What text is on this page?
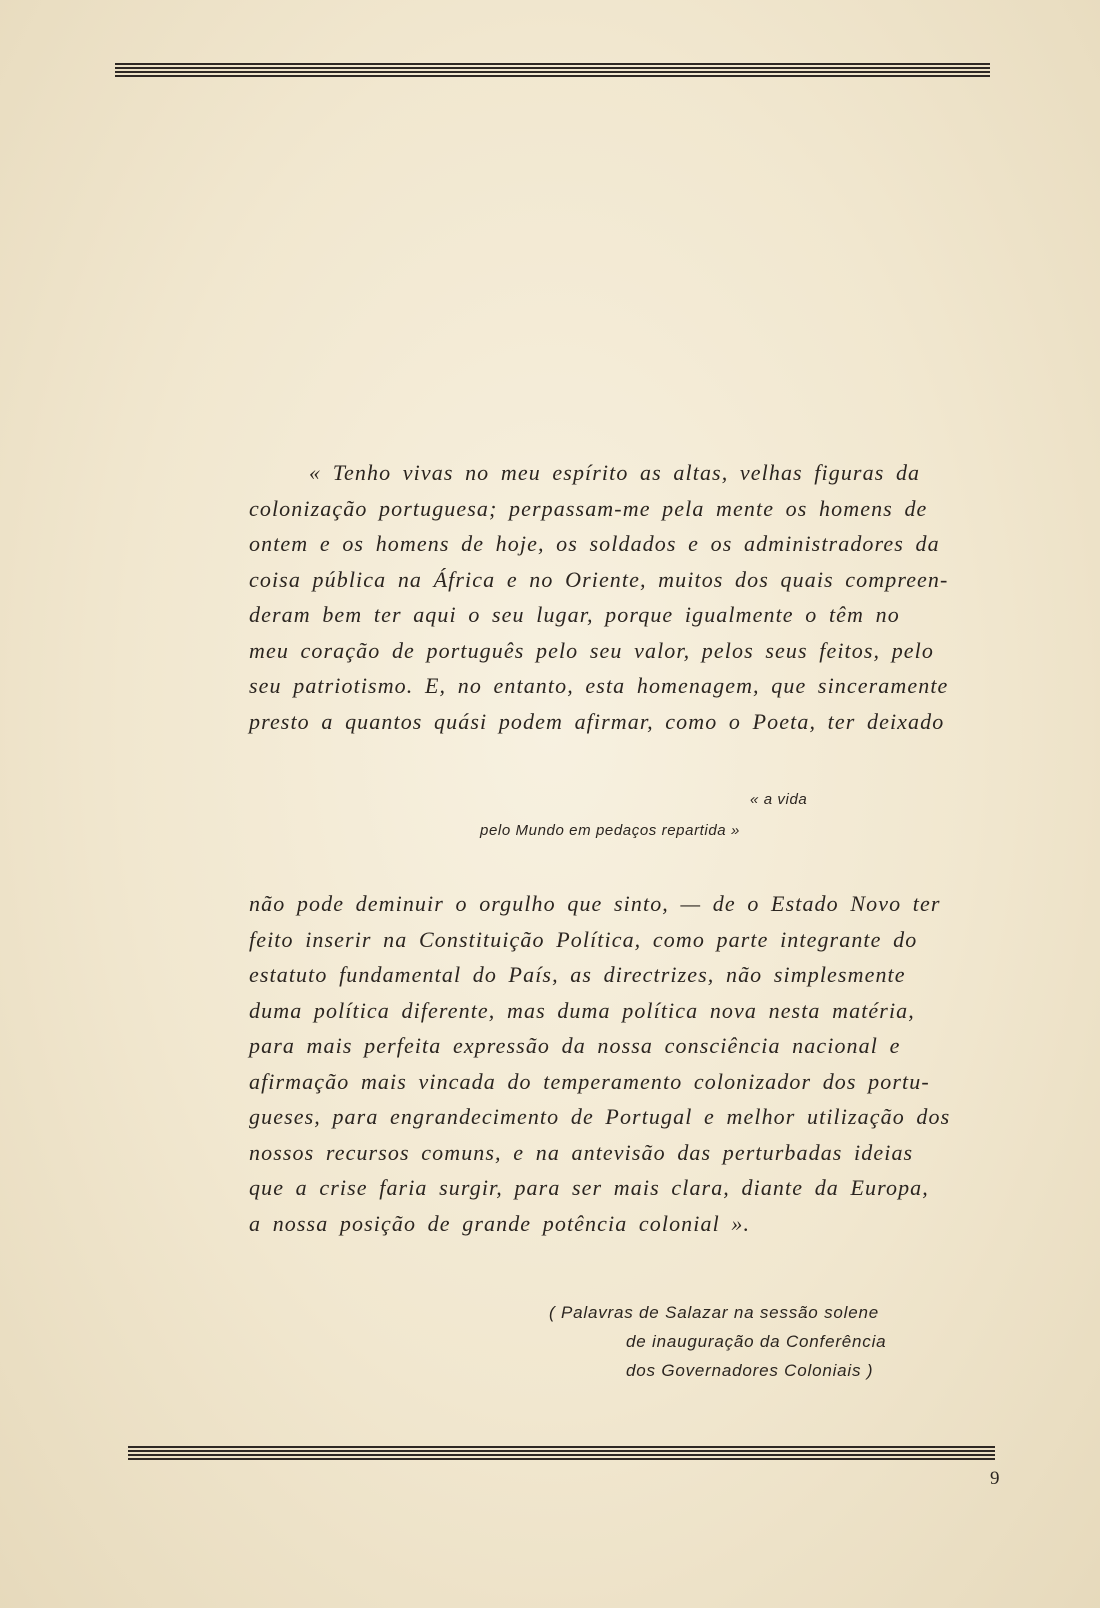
« Tenho vivas no meu espírito as altas, velhas figuras da
colonização portuguesa; perpassam-me pela mente os homens de
ontem e os homens de hoje, os soldados e os administradores da
coisa pública na África e no Oriente, muitos dos quais compreen-
deram bem ter aqui o seu lugar, porque igualmente o têm no
meu coração de português pelo seu valor, pelos seus feitos, pelo
seu patriotismo. E, no entanto, esta homenagem, que sinceramente
presto a quantos quási podem afirmar, como o Poeta, ter deixado
« a vida
pelo Mundo em pedaços repartida »
não pode deminuir o orgulho que sinto, — de o Estado Novo ter
feito inserir na Constituição Política, como parte integrante do
estatuto fundamental do País, as directrizes, não simplesmente
duma política diferente, mas duma política nova nesta matéria,
para mais perfeita expressão da nossa consciência nacional e
afirmação mais vincada do temperamento colonizador dos portu-
gueses, para engrandecimento de Portugal e melhor utilização dos
nossos recursos comuns, e na antevisão das perturbadas ideias
que a crise faria surgir, para ser mais clara, diante da Europa,
a nossa posição de grande potência colonial ».
( Palavras de Salazar na sessão solene
de inauguração da Conferência
dos Governadores Coloniais )
9
